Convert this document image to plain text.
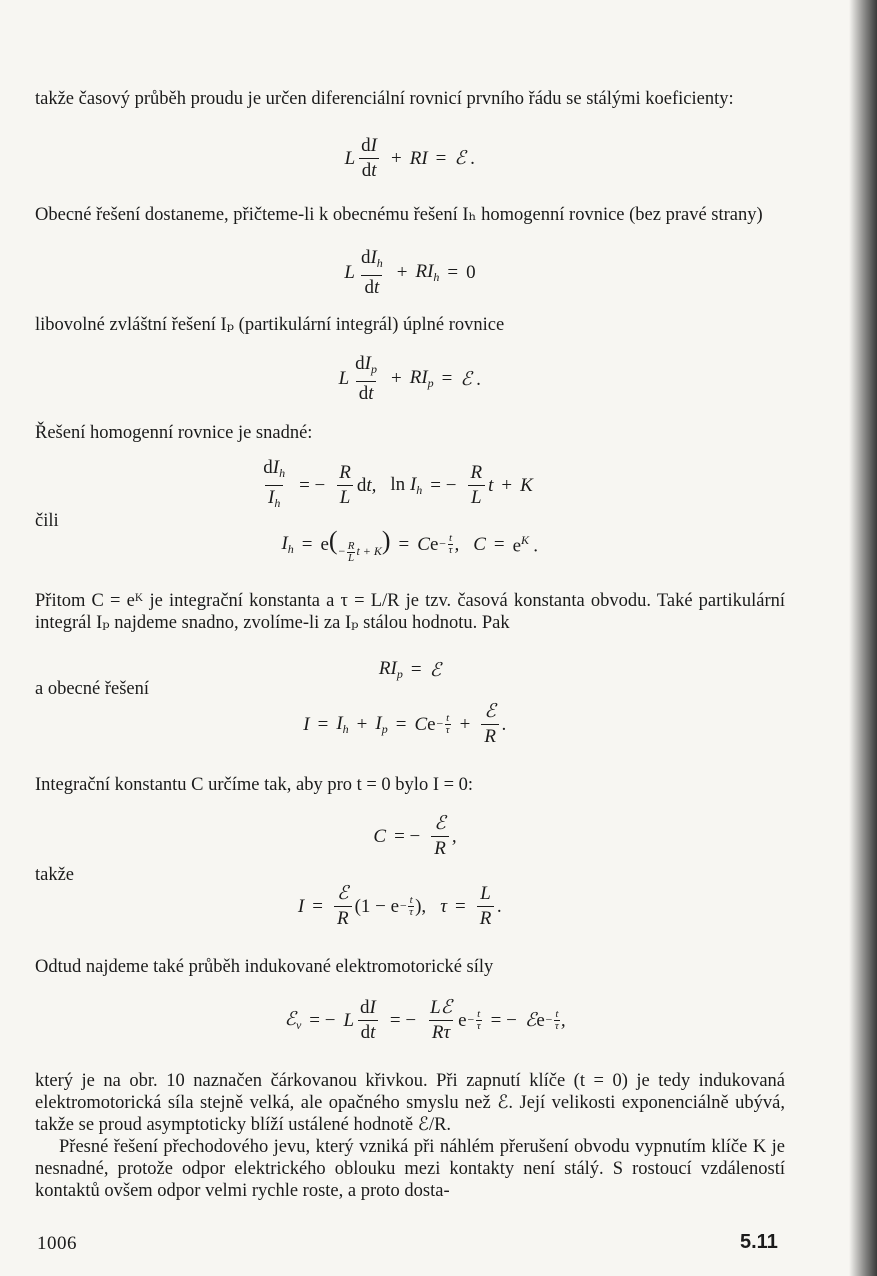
takže časový průběh proudu je určen diferenciální rovnicí prvního řádu se stálými koeficienty:

L $\frac{dI}{dt}$ + RI = ℰ .

Obecné řešení dostaneme, přičteme-li k obecnému řešení Iₕ homogenní rovnice (bez pravé strany)

L $\frac{dI_h}{dt} + RI_h = 0$

libovolné zvláštní řešení Iₚ (partikulární integrál) úplné rovnice

L $\frac{dI_p}{dt} + RI_p$ = ℰ .

Řešení homogenní rovnice je snadné:

$\frac{dI_h}{I_h}$ = − $\frac{R}{L}$ dt, $\ln I_h$ = − $\frac{R}{L}$ t + K

čili

$I_h = e$ (− $\frac{R}{L}$ $t + K) = Ce - \frac{t}{\tau}$ , $C = e^K$ .

Přitom C = eᴷ je integrační konstanta a τ = L/R je tzv. časová konstanta obvodu. Také partikulární integrál Iₚ najdeme snadno, zvolíme-li za Iₚ stálou hodnotu. Pak

$RI_p$ = ℰ

a obecné řešení

$I = I_h + I_p = Ce - \frac{t}{\tau} + \frac{\text{ℰ}}{R}$ .

Integrační konstantu C určíme tak, aby pro t = 0 bylo I = 0:

C = − $\frac{\text{ℰ}}{R}$ ,

takže

$I = \frac{\text{ℰ}}{R} (1 - e - \frac{t}{\tau}$ ), $\tau = \frac{L}{R}$ .

Odtud najdeme také průběh indukované elektromotorické síly

ℰ$_v$ = − L $\frac{dI}{dt}$ = − $\frac{\text{Lℰ}}{R\tau}$ $e - \frac{t}{\tau}$ = − ℰ $e - \frac{t}{\tau}$ ,

který je na obr. 10 naznačen čárkovanou křivkou. Při zapnutí klíče (t = 0) je tedy indukovaná elektromotorická síla stejně velká, ale opačného smyslu než ℰ. Její velikosti exponenciálně ubývá, takže se proud asymptoticky blíží ustálené hodnotě ℰ/R.

Přesné řešení přechodového jevu, který vzniká při náhlém přerušení obvodu vypnutím klíče K je nesnadné, protože odpor elektrického oblouku mezi kontakty není stálý. S rostoucí vzdáleností kontaktů ovšem odpor velmi rychle roste, a proto dosta-

1006	5.11
